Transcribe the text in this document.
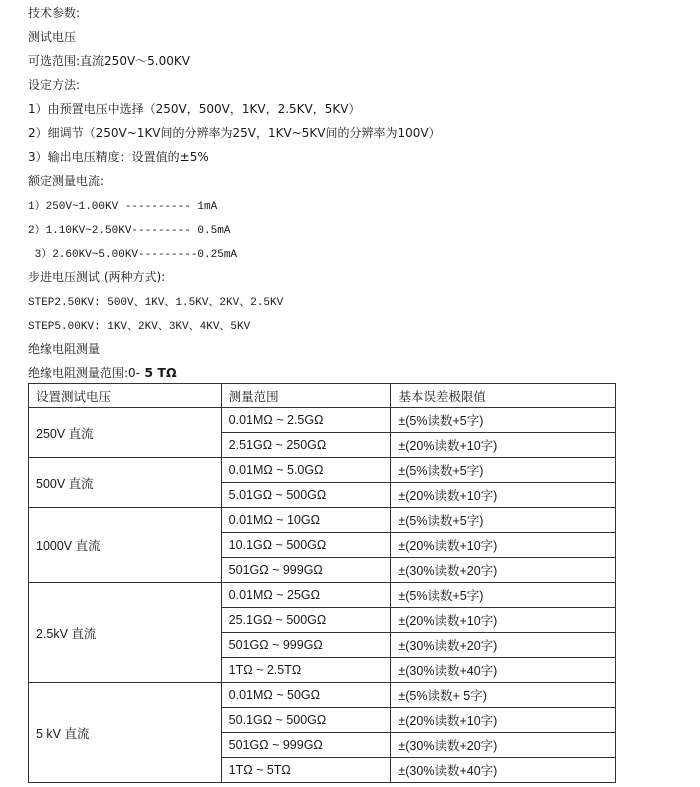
技术参数:
测试电压
可选范围:直流250V～5.00KV
设定方法:
1）由预置电压中选择（250V，500V，1KV，2.5KV，5KV）
2）细调节（250V~1KV间的分辨率为25V，1KV~5KV间的分辨率为100V）
3）输出电压精度：设置值的±5%
额定测量电流:
1）250V~1.00KV ---------- 1mA
2）1.10KV~2.50KV--------- 0.5mA
3）2.60KV~5.00KV---------0.25mA
步进电压测试 (两种方式):
STEP2.50KV: 500V、1KV、1.5KV、2KV、2.5KV
STEP5.00KV: 1KV、2KV、3KV、4KV、5KV
绝缘电阻测量
绝缘电阻测量范围:0- 5 TΩ
设置测试电压	测量范围	基本误差极限值
250V 直流	0.01MΩ ~ 2.5GΩ	±(5%读数+5字)
	2.51GΩ ~ 250GΩ	±(20%读数+10字)
500V 直流	0.01MΩ ~ 5.0GΩ	±(5%读数+5字)
	5.01GΩ ~ 500GΩ	±(20%读数+10字)
1000V 直流	0.01MΩ ~ 10GΩ	±(5%读数+5字)
	10.1GΩ ~ 500GΩ	±(20%读数+10字)
	501GΩ ~ 999GΩ	±(30%读数+20字)
2.5kV 直流	0.01MΩ ~ 25GΩ	±(5%读数+5字)
	25.1GΩ ~ 500GΩ	±(20%读数+10字)
	501GΩ ~ 999GΩ	±(30%读数+20字)
	1TΩ ~ 2.5TΩ	±(30%读数+40字)
5 kV 直流	0.01MΩ ~ 50GΩ	±(5%读数+ 5字)
	50.1GΩ ~ 500GΩ	±(20%读数+10字)
	501GΩ ~ 999GΩ	±(30%读数+20字)
	1TΩ ~ 5TΩ	±(30%读数+40字)
